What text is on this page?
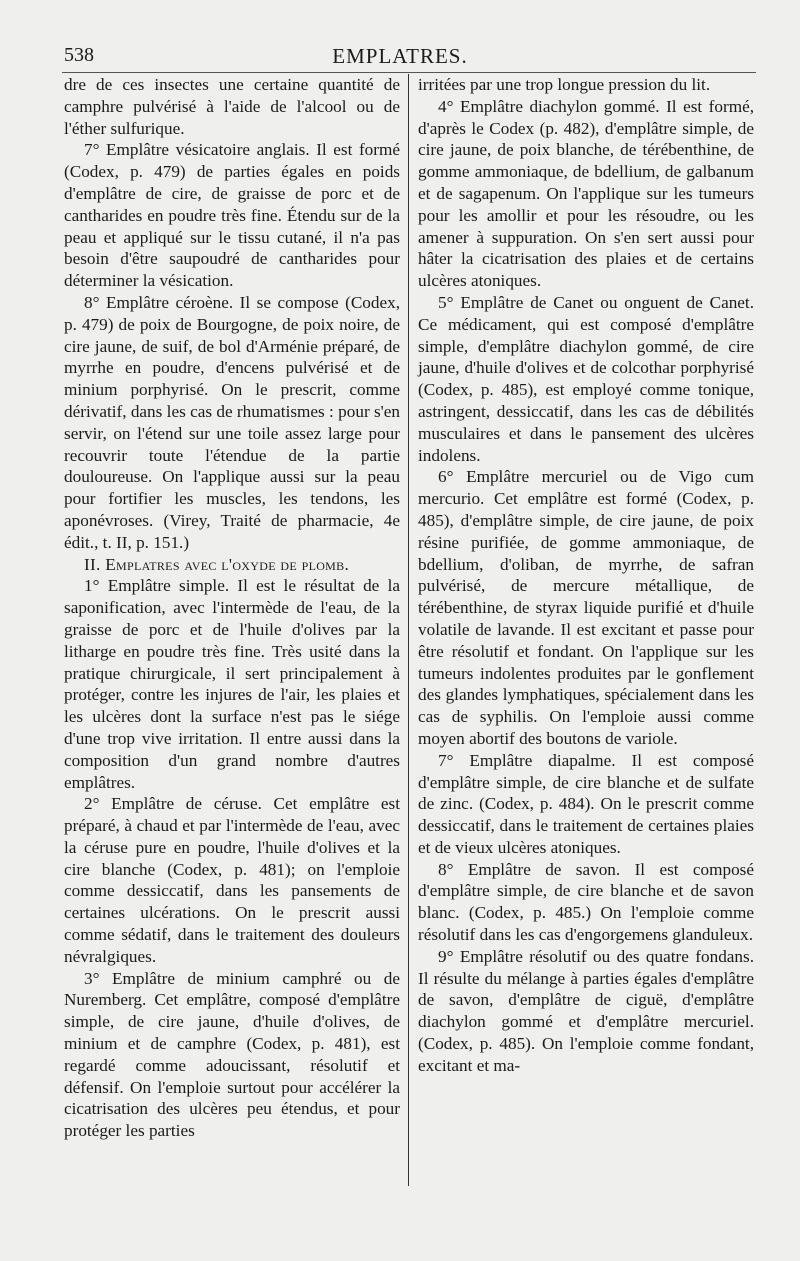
538	EMPLATRES.

dre de ces insectes une certaine quantité de camphre pulvérisé à l'aide de l'alcool ou de l'éther sulfurique.

7° Emplâtre vésicatoire anglais. Il est formé (Codex, p. 479) de parties égales en poids d'emplâtre de cire, de graisse de porc et de cantharides en poudre très fine. Étendu sur de la peau et appliqué sur le tissu cutané, il n'a pas besoin d'être saupoudré de cantharides pour déterminer la vésication.

8° Emplâtre céroène. Il se compose (Codex, p. 479) de poix de Bourgogne, de poix noire, de cire jaune, de suif, de bol d'Arménie préparé, de myrrhe en poudre, d'encens pulvérisé et de minium porphyrisé. On le prescrit, comme dérivatif, dans les cas de rhumatismes : pour s'en servir, on l'étend sur une toile assez large pour recouvrir toute l'étendue de la partie douloureuse. On l'applique aussi sur la peau pour fortifier les muscles, les tendons, les aponévroses. (Virey, Traité de pharmacie, 4e édit., t. II, p. 151.)

II. Emplatres avec l'oxyde de plomb.

1° Emplâtre simple. Il est le résultat de la saponification, avec l'intermède de l'eau, de la graisse de porc et de l'huile d'olives par la litharge en poudre très fine. Très usité dans la pratique chirurgicale, il sert principalement à protéger, contre les injures de l'air, les plaies et les ulcères dont la surface n'est pas le siége d'une trop vive irritation. Il entre aussi dans la composition d'un grand nombre d'autres emplâtres.

2° Emplâtre de céruse. Cet emplâtre est préparé, à chaud et par l'intermède de l'eau, avec la céruse pure en poudre, l'huile d'olives et la cire blanche (Codex, p. 481); on l'emploie comme dessiccatif, dans les pansements de certaines ulcérations. On le prescrit aussi comme sédatif, dans le traitement des douleurs névralgiques.

3° Emplâtre de minium camphré ou de Nuremberg. Cet emplâtre, composé d'emplâtre simple, de cire jaune, d'huile d'olives, de minium et de camphre (Codex, p. 481), est regardé comme adoucissant, résolutif et défensif. On l'emploie surtout pour accélérer la cicatrisation des ulcères peu étendus, et pour protéger les parties

irritées par une trop longue pression du lit.

4° Emplâtre diachylon gommé. Il est formé, d'après le Codex (p. 482), d'emplâtre simple, de cire jaune, de poix blanche, de térébenthine, de gomme ammoniaque, de bdellium, de galbanum et de sagapenum. On l'applique sur les tumeurs pour les amollir et pour les résoudre, ou les amener à suppuration. On s'en sert aussi pour hâter la cicatrisation des plaies et de certains ulcères atoniques.

5° Emplâtre de Canet ou onguent de Canet. Ce médicament, qui est composé d'emplâtre simple, d'emplâtre diachylon gommé, de cire jaune, d'huile d'olives et de colcothar porphyrisé (Codex, p. 485), est employé comme tonique, astringent, dessiccatif, dans les cas de débilités musculaires et dans le pansement des ulcères indolens.

6° Emplâtre mercuriel ou de Vigo cum mercurio. Cet emplâtre est formé (Codex, p. 485), d'emplâtre simple, de cire jaune, de poix résine purifiée, de gomme ammoniaque, de bdellium, d'oliban, de myrrhe, de safran pulvérisé, de mercure métallique, de térébenthine, de styrax liquide purifié et d'huile volatile de lavande. Il est excitant et passe pour être résolutif et fondant. On l'applique sur les tumeurs indolentes produites par le gonflement des glandes lymphatiques, spécialement dans les cas de syphilis. On l'emploie aussi comme moyen abortif des boutons de variole.

7° Emplâtre diapalme. Il est composé d'emplâtre simple, de cire blanche et de sulfate de zinc. (Codex, p. 484). On le prescrit comme dessiccatif, dans le traitement de certaines plaies et de vieux ulcères atoniques.

8° Emplâtre de savon. Il est composé d'emplâtre simple, de cire blanche et de savon blanc. (Codex, p. 485.) On l'emploie comme résolutif dans les cas d'engorgemens glanduleux.

9° Emplâtre résolutif ou des quatre fondans. Il résulte du mélange à parties égales d'emplâtre de savon, d'emplâtre de ciguë, d'emplâtre diachylon gommé et d'emplâtre mercuriel. (Codex, p. 485). On l'emploie comme fondant, excitant et ma-
